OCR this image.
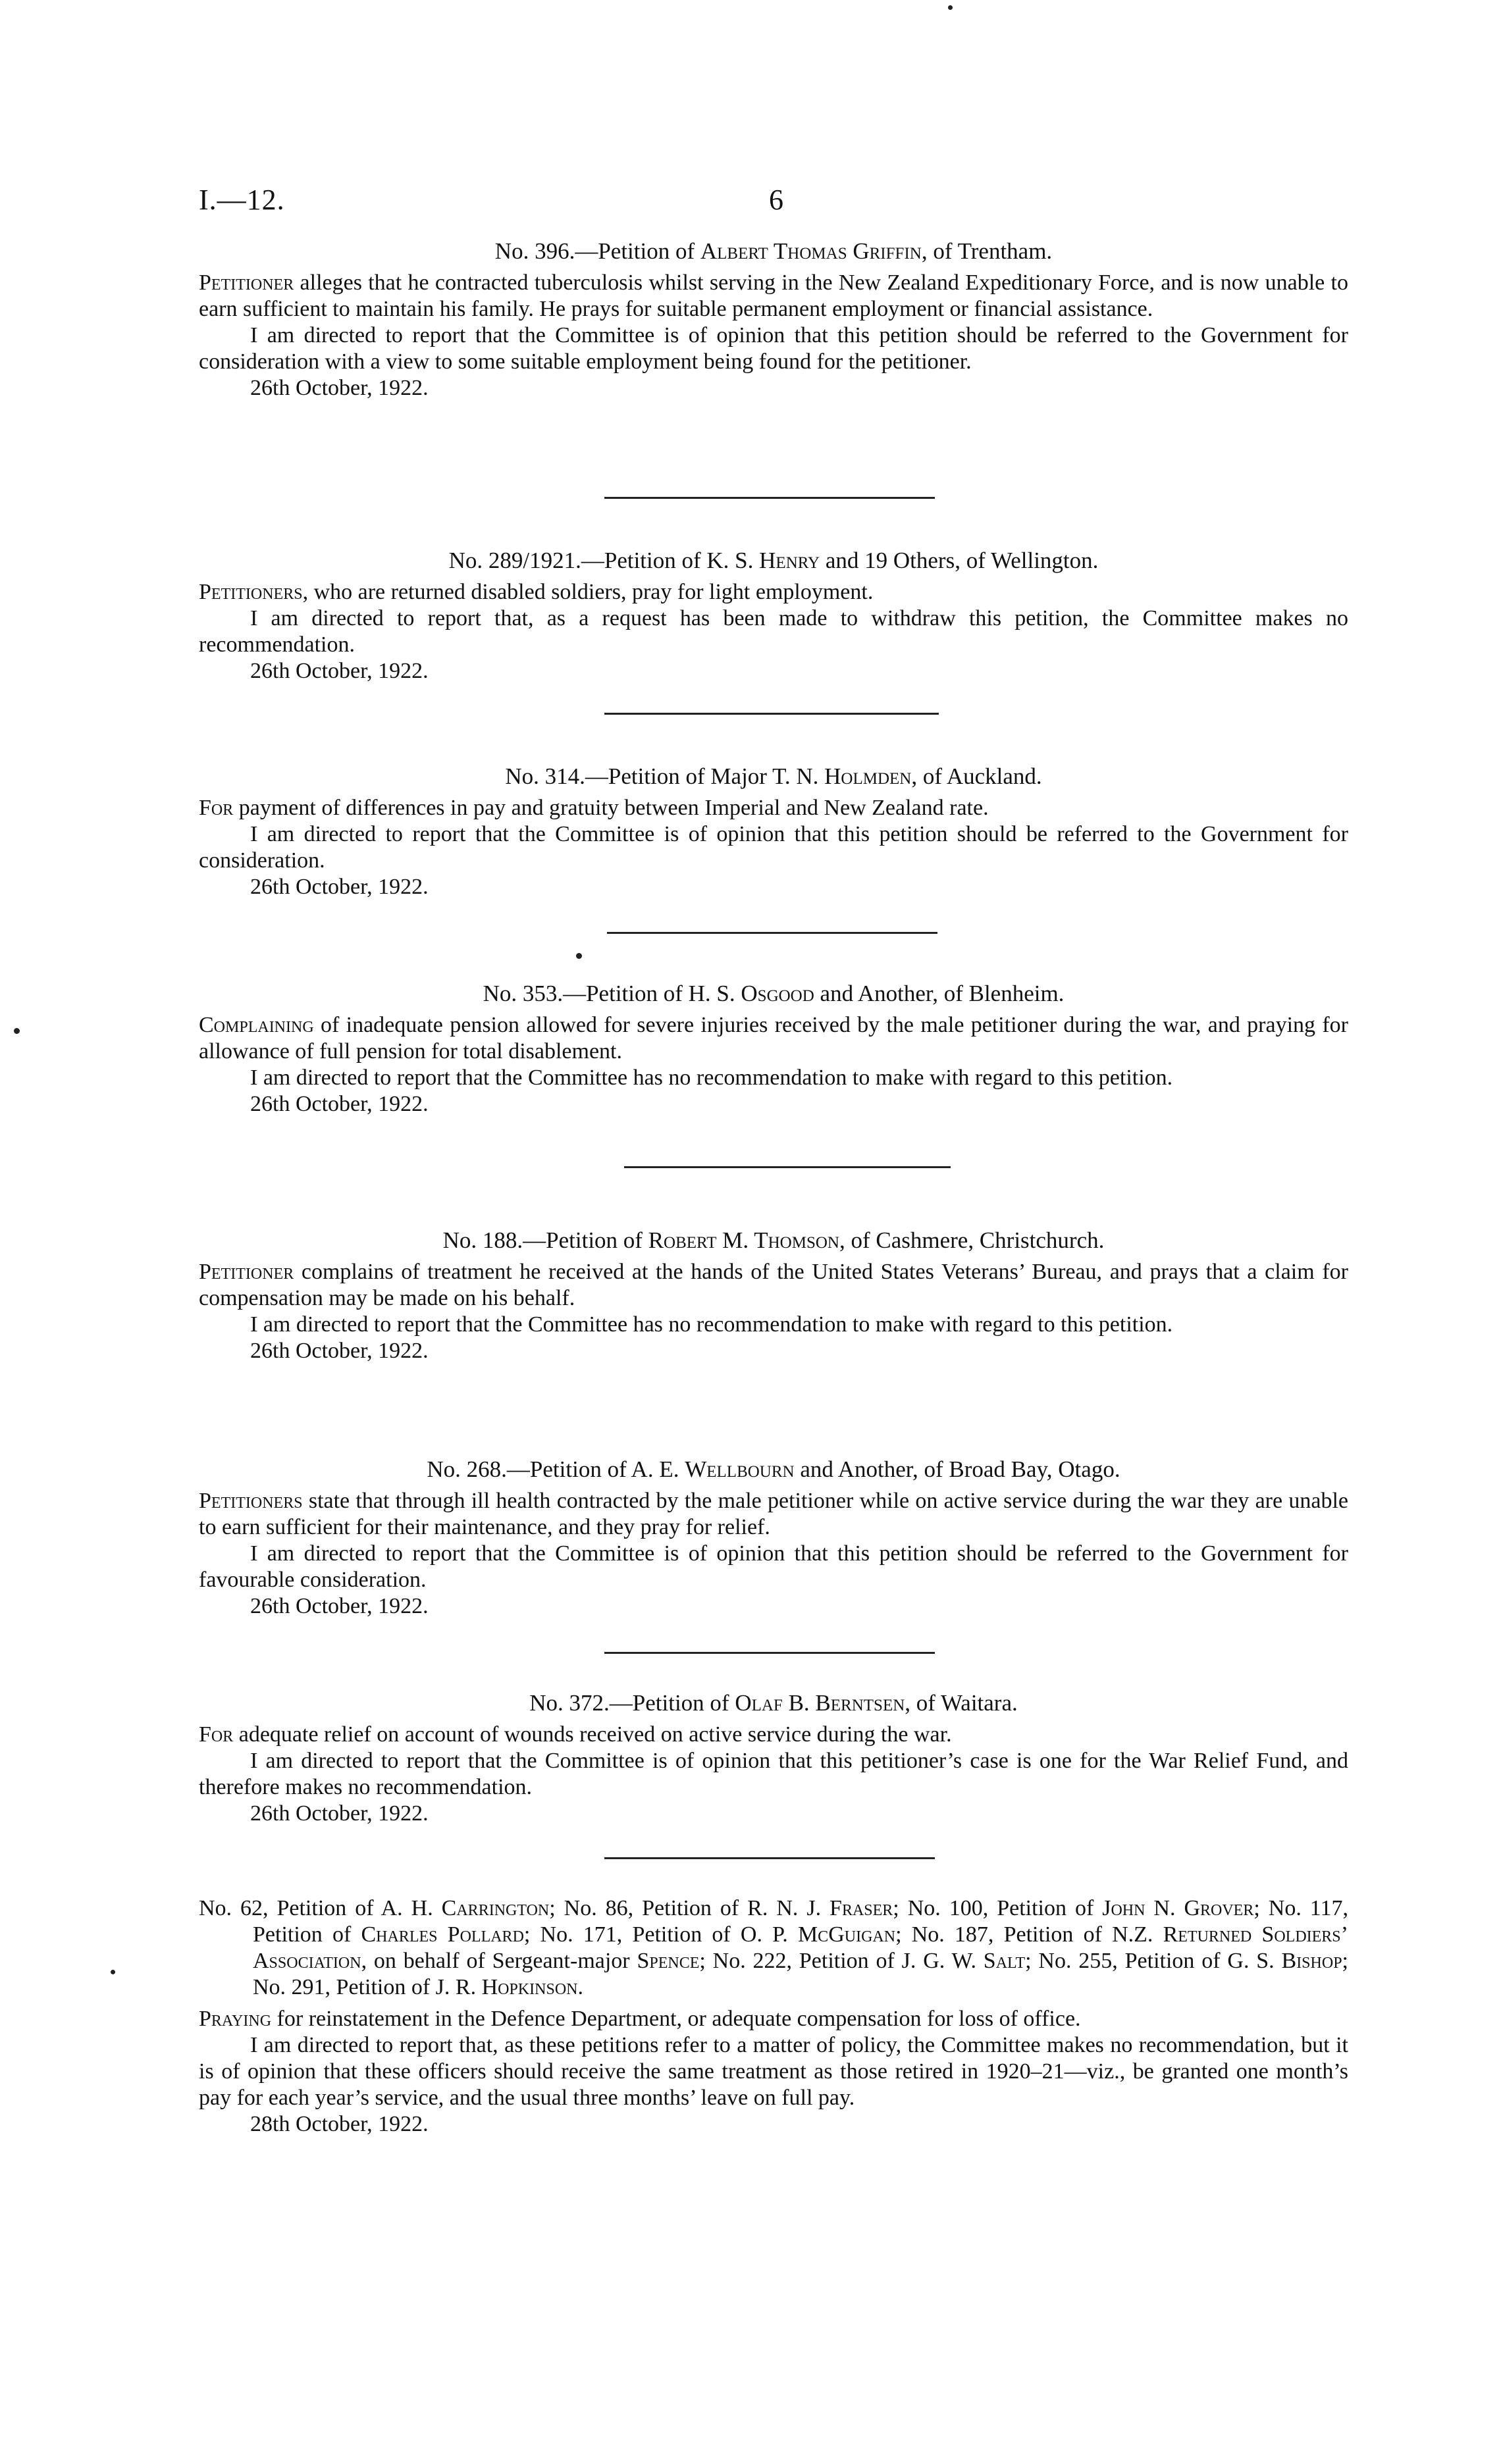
I.—12.	6

No. 396.—Petition of Albert Thomas Griffin, of Trentham.

Petitioner alleges that he contracted tuberculosis whilst serving in the New Zealand Expeditionary Force, and is now unable to earn sufficient to maintain his family. He prays for suitable permanent employment or financial assistance.

I am directed to report that the Committee is of opinion that this petition should be referred to the Government for consideration with a view to some suitable employment being found for the petitioner.

26th October, 1922.

No. 289/1921.—Petition of K. S. Henry and 19 Others, of Wellington.

Petitioners, who are returned disabled soldiers, pray for light employment.

I am directed to report that, as a request has been made to withdraw this petition, the Committee makes no recommendation.

26th October, 1922.

No. 314.—Petition of Major T. N. Holmden, of Auckland.

For payment of differences in pay and gratuity between Imperial and New Zealand rate.

I am directed to report that the Committee is of opinion that this petition should be referred to the Government for consideration.

26th October, 1922.

No. 353.—Petition of H. S. Osgood and Another, of Blenheim.

Complaining of inadequate pension allowed for severe injuries received by the male petitioner during the war, and praying for allowance of full pension for total disablement.

I am directed to report that the Committee has no recommendation to make with regard to this petition.

26th October, 1922.

No. 188.—Petition of Robert M. Thomson, of Cashmere, Christchurch.

Petitioner complains of treatment he received at the hands of the United States Veterans’ Bureau, and prays that a claim for compensation may be made on his behalf.

I am directed to report that the Committee has no recommendation to make with regard to this petition.

26th October, 1922.

No. 268.—Petition of A. E. Wellbourn and Another, of Broad Bay, Otago.

Petitioners state that through ill health contracted by the male petitioner while on active service during the war they are unable to earn sufficient for their maintenance, and they pray for relief.

I am directed to report that the Committee is of opinion that this petition should be referred to the Government for favourable consideration.

26th October, 1922.

No. 372.—Petition of Olaf B. Berntsen, of Waitara.

For adequate relief on account of wounds received on active service during the war.

I am directed to report that the Committee is of opinion that this petitioner’s case is one for the War Relief Fund, and therefore makes no recommendation.

26th October, 1922.

No. 62, Petition of A. H. Carrington; No. 86, Petition of R. N. J. Fraser; No. 100, Petition of John N. Grover; No. 117, Petition of Charles Pollard; No. 171, Petition of O. P. McGuigan; No. 187, Petition of N.Z. Returned Soldiers’ Association, on behalf of Sergeant-major Spence; No. 222, Petition of J. G. W. Salt; No. 255, Petition of G. S. Bishop; No. 291, Petition of J. R. Hopkinson.

Praying for reinstatement in the Defence Department, or adequate compensation for loss of office.

I am directed to report that, as these petitions refer to a matter of policy, the Committee makes no recommendation, but it is of opinion that these officers should receive the same treatment as those retired in 1920–21—viz., be granted one month’s pay for each year’s service, and the usual three months’ leave on full pay.

28th October, 1922.
